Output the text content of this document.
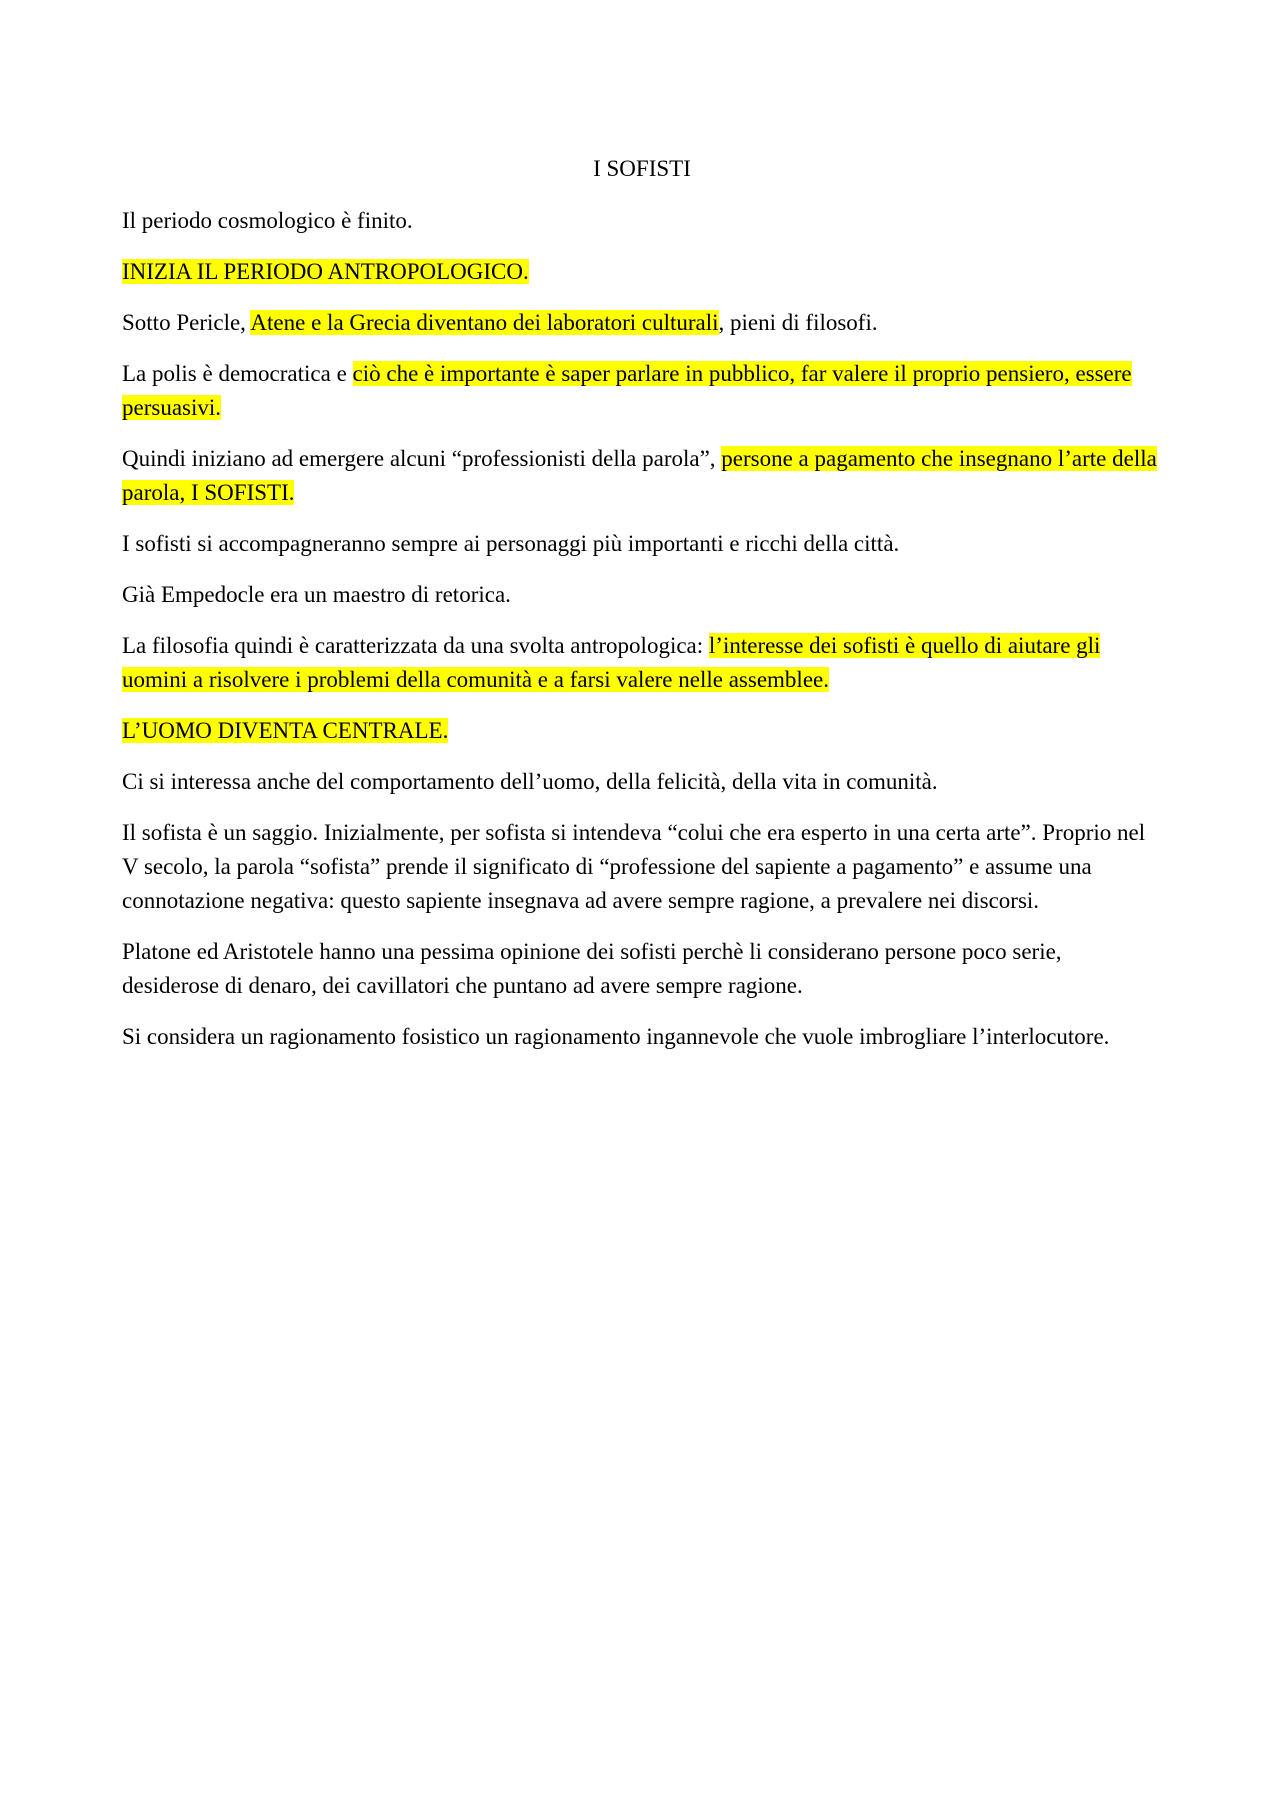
I SOFISTI

Il periodo cosmologico è finito.

INIZIA IL PERIODO ANTROPOLOGICO.

Sotto Pericle, Atene e la Grecia diventano dei laboratori culturali, pieni di filosofi.

La polis è democratica e ciò che è importante è saper parlare in pubblico, far valere il proprio pensiero, essere persuasivi.

Quindi iniziano ad emergere alcuni “professionisti della parola”, persone a pagamento che insegnano l’arte della parola, I SOFISTI.

I sofisti si accompagneranno sempre ai personaggi più importanti e ricchi della città.

Già Empedocle era un maestro di retorica.

La filosofia quindi è caratterizzata da una svolta antropologica: l’interesse dei sofisti è quello di aiutare gli uomini a risolvere i problemi della comunità e a farsi valere nelle assemblee.

L’UOMO DIVENTA CENTRALE.

Ci si interessa anche del comportamento dell’uomo, della felicità, della vita in comunità.

Il sofista è un saggio. Inizialmente, per sofista si intendeva “colui che era esperto in una certa arte”. Proprio nel V secolo, la parola “sofista” prende il significato di “professione del sapiente a pagamento” e assume una connotazione negativa: questo sapiente insegnava ad avere sempre ragione, a prevalere nei discorsi.

Platone ed Aristotele hanno una pessima opinione dei sofisti perchè li considerano persone poco serie, desiderose di denaro, dei cavillatori che puntano ad avere sempre ragione.

Si considera un ragionamento fosistico un ragionamento ingannevole che vuole imbrogliare l’interlocutore.
